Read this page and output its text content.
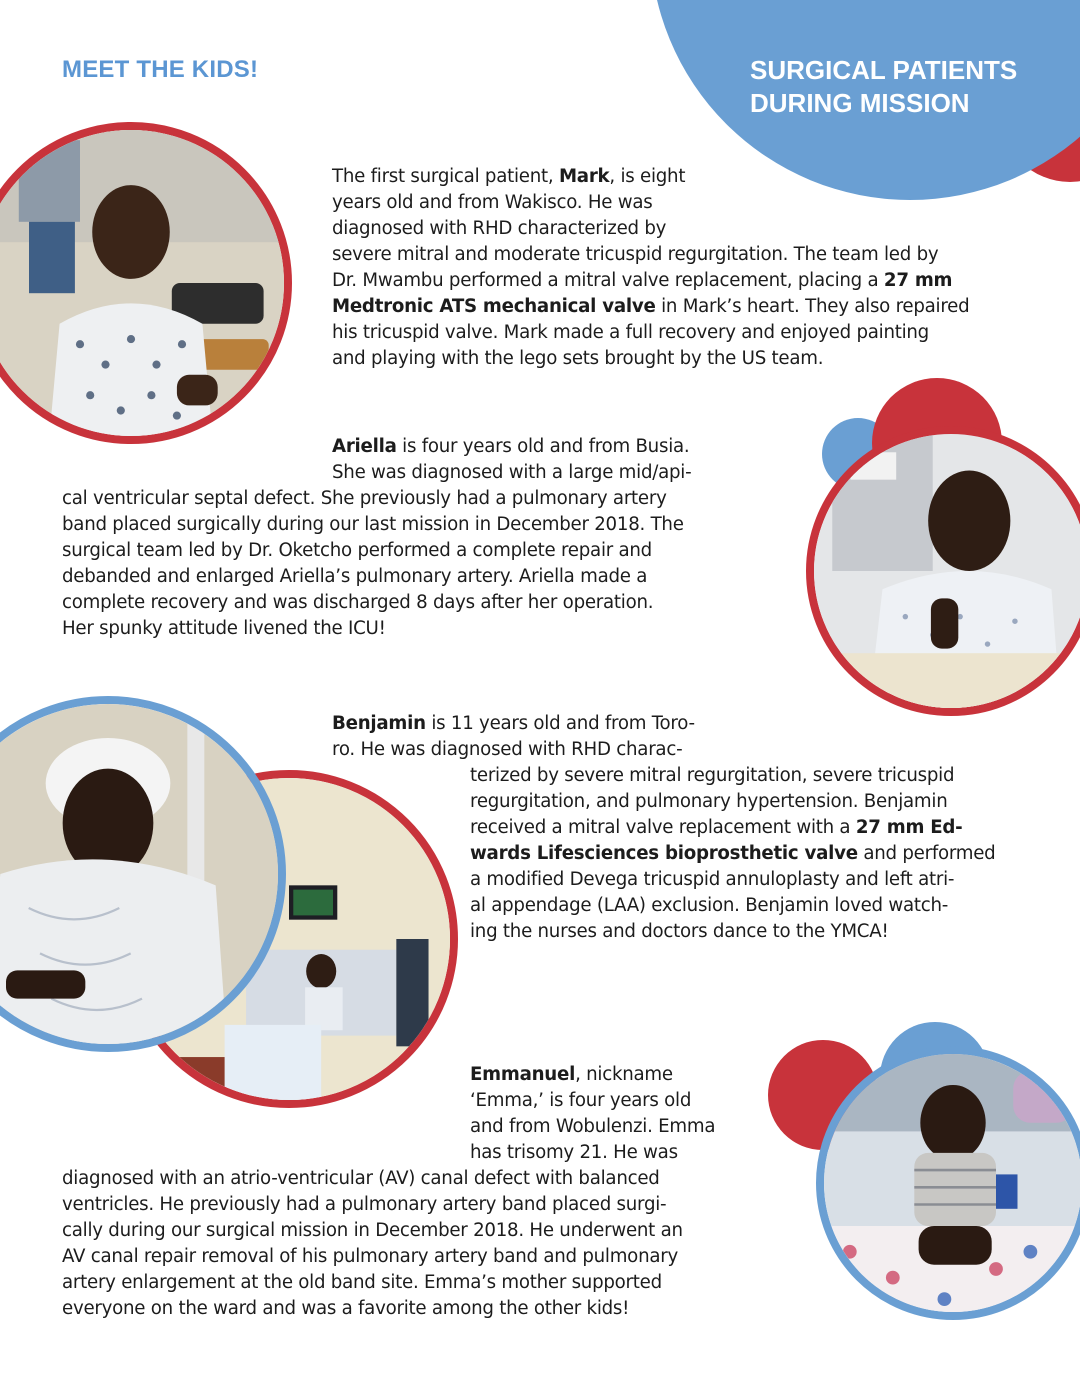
MEET THE KIDS!	SURGICAL PATIENTS
DURING MISSION
The first surgical patient, Mark, is eight
years old and from Wakisco. He was
diagnosed with RHD characterized by
severe mitral and moderate tricuspid regurgitation. The team led by
Dr. Mwambu performed a mitral valve replacement, placing a 27 mm
Medtronic ATS mechanical valve in Mark’s heart. They also repaired
his tricuspid valve. Mark made a full recovery and enjoyed painting
and playing with the lego sets brought by the US team.
Ariella is four years old and from Busia.
She was diagnosed with a large mid/api-
cal ventricular septal defect. She previously had a pulmonary artery
band placed surgically during our last mission in December 2018. The
surgical team led by Dr. Oketcho performed a complete repair and
debanded and enlarged Ariella’s pulmonary artery. Ariella made a
complete recovery and was discharged 8 days after her operation.
Her spunky attitude livened the ICU!
Benjamin is 11 years old and from Toro-
ro. He was diagnosed with RHD charac-
terized by severe mitral regurgitation, severe tricuspid
regurgitation, and pulmonary hypertension. Benjamin
received a mitral valve replacement with a 27 mm Ed-
wards Lifesciences bioprosthetic valve and performed
a modified Devega tricuspid annuloplasty and left atri-
al appendage (LAA) exclusion. Benjamin loved watch-
ing the nurses and doctors dance to the YMCA!
Emmanuel, nickname
‘Emma,’ is four years old
and from Wobulenzi. Emma
has trisomy 21. He was
diagnosed with an atrio-ventricular (AV) canal defect with balanced
ventricles. He previously had a pulmonary artery band placed surgi-
cally during our surgical mission in December 2018. He underwent an
AV canal repair removal of his pulmonary artery band and pulmonary
artery enlargement at the old band site. Emma’s mother supported
everyone on the ward and was a favorite among the other kids!
